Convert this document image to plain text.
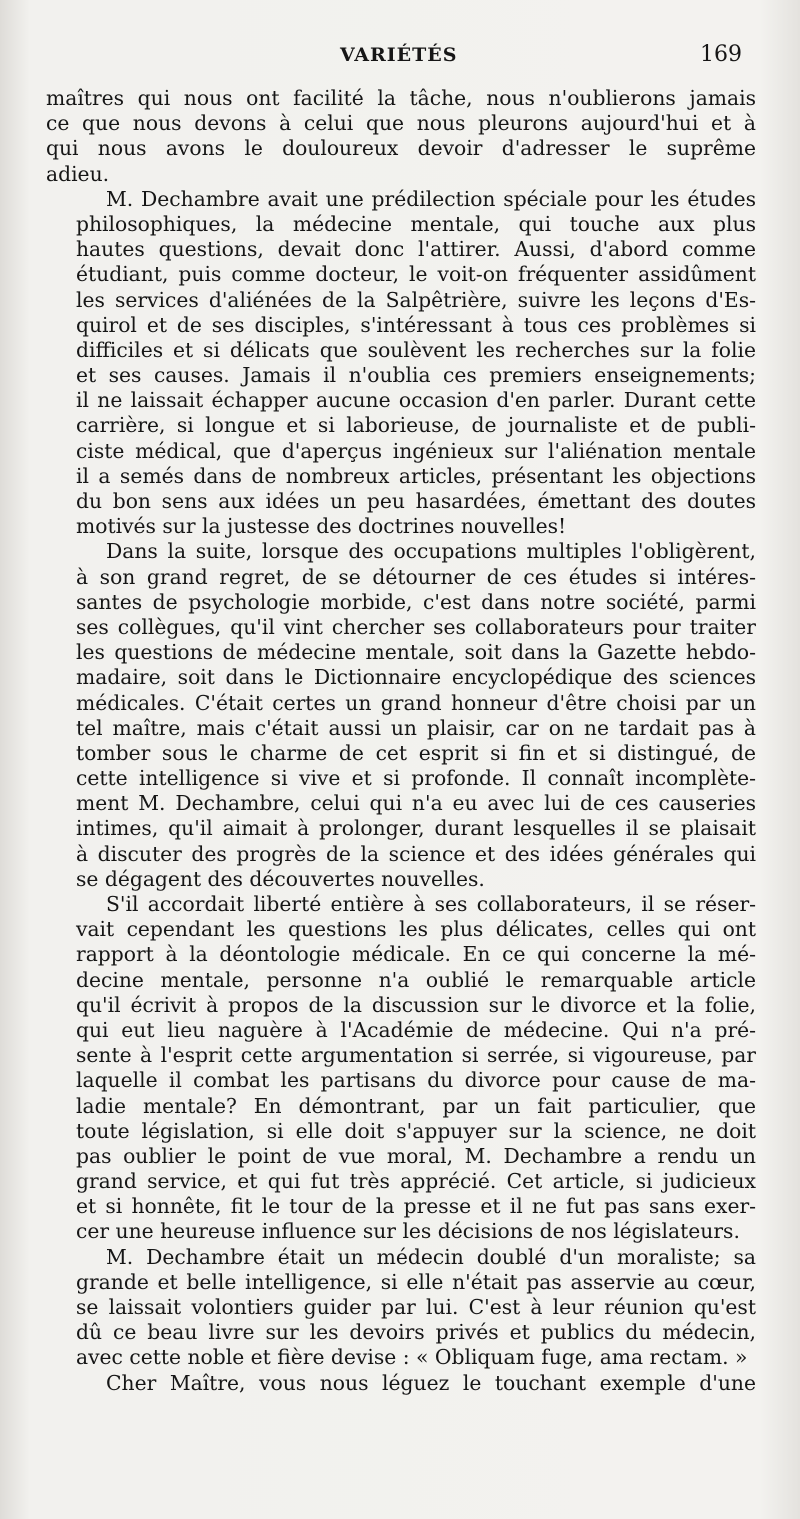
VARIÉTÉS	169

maîtres qui nous ont facilité la tâche, nous n'oublierons jamais
ce que nous devons à celui que nous pleurons aujourd'hui et à
qui nous avons le douloureux devoir d'adresser le suprême
adieu.

M. Dechambre avait une prédilection spéciale pour les études
philosophiques, la médecine mentale, qui touche aux plus
hautes questions, devait donc l'attirer. Aussi, d'abord comme
étudiant, puis comme docteur, le voit-on fréquenter assidûment
les services d'aliénées de la Salpêtrière, suivre les leçons d'Es-
quirol et de ses disciples, s'intéressant à tous ces problèmes si
difficiles et si délicats que soulèvent les recherches sur la folie
et ses causes. Jamais il n'oublia ces premiers enseignements;
il ne laissait échapper aucune occasion d'en parler. Durant cette
carrière, si longue et si laborieuse, de journaliste et de publi-
ciste médical, que d'aperçus ingénieux sur l'aliénation mentale
il a semés dans de nombreux articles, présentant les objections
du bon sens aux idées un peu hasardées, émettant des doutes
motivés sur la justesse des doctrines nouvelles!

Dans la suite, lorsque des occupations multiples l'obligèrent,
à son grand regret, de se détourner de ces études si intéres-
santes de psychologie morbide, c'est dans notre société, parmi
ses collègues, qu'il vint chercher ses collaborateurs pour traiter
les questions de médecine mentale, soit dans la Gazette hebdo-
madaire, soit dans le Dictionnaire encyclopédique des sciences
médicales. C'était certes un grand honneur d'être choisi par un
tel maître, mais c'était aussi un plaisir, car on ne tardait pas à
tomber sous le charme de cet esprit si fin et si distingué, de
cette intelligence si vive et si profonde. Il connaît incomplète-
ment M. Dechambre, celui qui n'a eu avec lui de ces causeries
intimes, qu'il aimait à prolonger, durant lesquelles il se plaisait
à discuter des progrès de la science et des idées générales qui
se dégagent des découvertes nouvelles.

S'il accordait liberté entière à ses collaborateurs, il se réser-
vait cependant les questions les plus délicates, celles qui ont
rapport à la déontologie médicale. En ce qui concerne la mé-
decine mentale, personne n'a oublié le remarquable article
qu'il écrivit à propos de la discussion sur le divorce et la folie,
qui eut lieu naguère à l'Académie de médecine. Qui n'a pré-
sente à l'esprit cette argumentation si serrée, si vigoureuse, par
laquelle il combat les partisans du divorce pour cause de ma-
ladie mentale? En démontrant, par un fait particulier, que
toute législation, si elle doit s'appuyer sur la science, ne doit
pas oublier le point de vue moral, M. Dechambre a rendu un
grand service, et qui fut très apprécié. Cet article, si judicieux
et si honnête, fit le tour de la presse et il ne fut pas sans exer-
cer une heureuse influence sur les décisions de nos législateurs.

M. Dechambre était un médecin doublé d'un moraliste; sa
grande et belle intelligence, si elle n'était pas asservie au cœur,
se laissait volontiers guider par lui. C'est à leur réunion qu'est
dû ce beau livre sur les devoirs privés et publics du médecin,
avec cette noble et fière devise : « Obliquam fuge, ama rectam. »

Cher Maître, vous nous léguez le touchant exemple d'une
